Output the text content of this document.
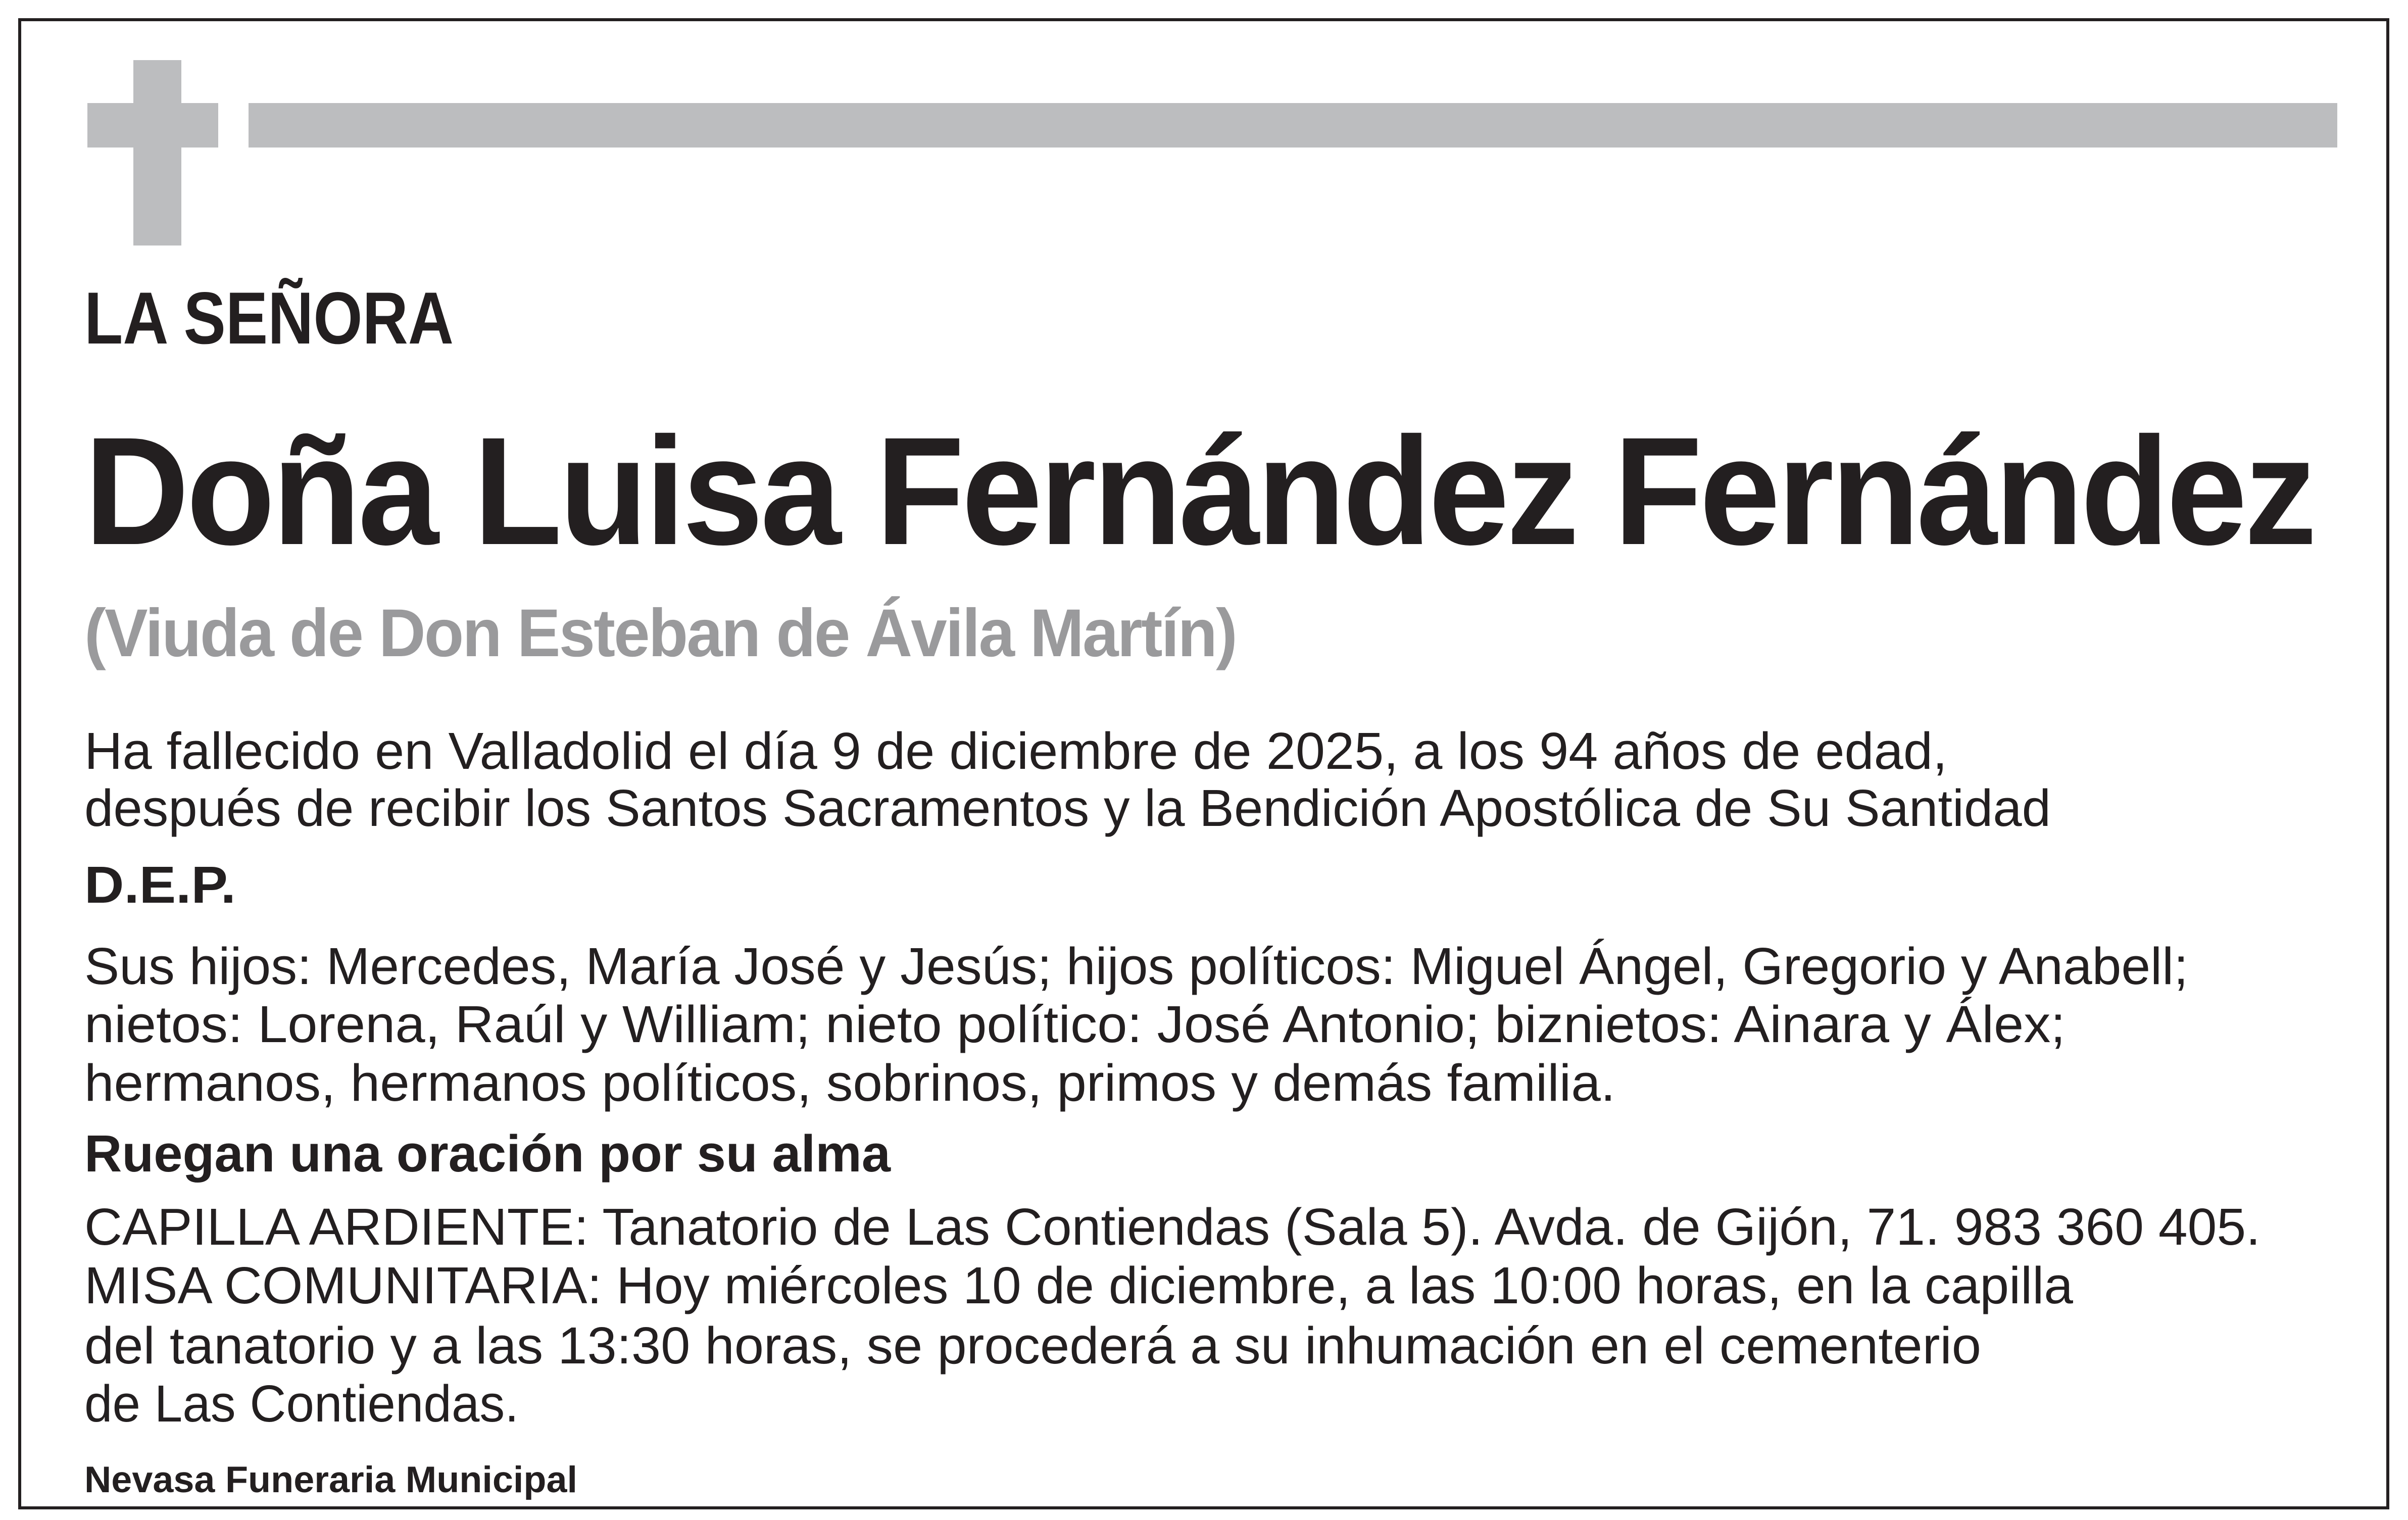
LA SEÑORA
Doña Luisa Fernández Fernández
(Viuda de Don Esteban de Ávila Martín)
Ha fallecido en Valladolid el día 9 de diciembre de 2025, a los 94 años de edad,
después de recibir los Santos Sacramentos y la Bendición Apostólica de Su Santidad
D.E.P.
Sus hijos: Mercedes, María José y Jesús; hijos políticos: Miguel Ángel, Gregorio y Anabell;
nietos: Lorena, Raúl y William; nieto político: José Antonio; biznietos: Ainara y Álex;
hermanos, hermanos políticos, sobrinos, primos y demás familia.
Ruegan una oración por su alma
CAPILLA ARDIENTE: Tanatorio de Las Contiendas (Sala 5). Avda. de Gijón, 71. 983 360 405.
MISA COMUNITARIA: Hoy miércoles 10 de diciembre, a las 10:00 horas, en la capilla
del tanatorio y a las 13:30 horas, se procederá a su inhumación en el cementerio
de Las Contiendas.
Nevasa Funeraria Municipal
